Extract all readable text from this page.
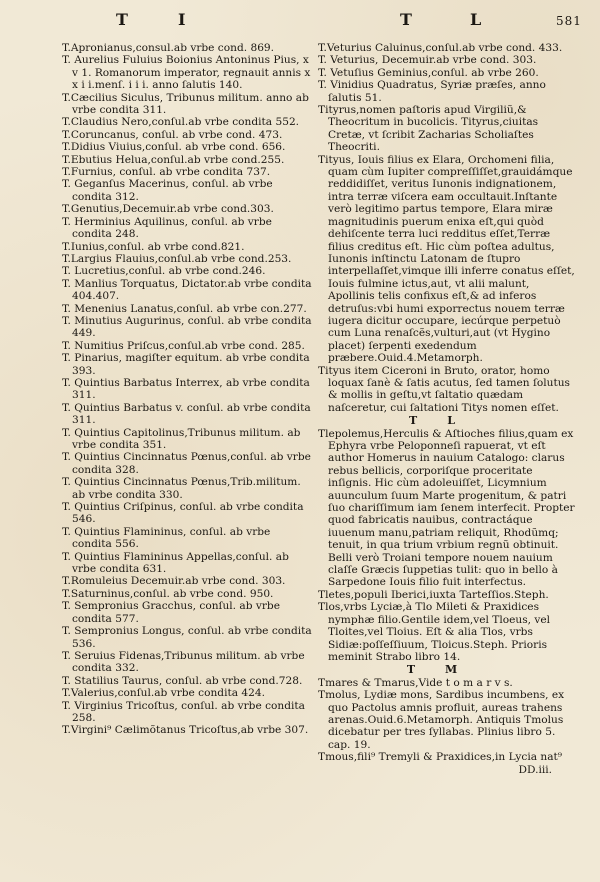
T	I	T	L	581

T.Apronianus,consul.ab vrbe cond. 869.

T. Aurelius Fuluius Boionius Antoninus Pius, x v 1. Romanorum imperator, regnauit annis x x i i.menſ. i i i. anno ſalutis 140.

T.Cæcilius Siculus, Tribunus militum. anno ab vrbe condita 311.

T.Claudius Nero,conſul.ab vrbe condita 552.

T.Coruncanus, conſul. ab vrbe cond. 473.

T.Didius Viuius,conſul. ab vrbe cond. 656.

T.Ebutius Helua,conſul.ab vrbe cond.255.

T.Furnius, conſul. ab vrbe condita 737.

T. Geganſus Macerinus, conſul. ab vrbe condita 312.

T.Genutius,Decemuir.ab vrbe cond.303.

T. Herminius Aquilinus, conſul. ab vrbe condita 248.

T.Iunius,conſul. ab vrbe cond.821.

T.Largius Flauius,conſul.ab vrbe cond.253.

T. Lucretius,conſul. ab vrbe cond.246.

T. Manlius Torquatus, Dictator.ab vrbe condita 404.407.

T. Menenius Lanatus,conſul. ab vrbe con.277.

T. Minutius Augurinus, conſul. ab vrbe condita 449.

T. Numitius Priſcus,conſul.ab vrbe cond. 285.

T. Pinarius, magiſter equitum. ab vrbe condita 393.

T. Quintius Barbatus Interrex, ab vrbe condita 311.

T. Quintius Barbatus v. conſul. ab vrbe condita 311.

T. Quintius Capitolinus,Tribunus militum. ab vrbe condita 351.

T. Quintius Cincinnatus Pœnus,conſul. ab vrbe condita 328.

T. Quintius Cincinnatus Pœnus,Trib.militum. ab vrbe condita 330.

T. Quintius Criſpinus, conſul. ab vrbe condita 546.

T. Quintius Flamininus, conſul. ab vrbe condita 556.

T. Quintius Flamininus Appellas,conſul. ab vrbe condita 631.

T.Romuleius Decemuir.ab vrbe cond. 303.

T.Saturninus,conſul. ab vrbe cond. 950.

T. Sempronius Gracchus, conſul. ab vrbe condita 577.

T. Sempronius Longus, conſul. ab vrbe condita 536.

T. Seruius Fidenas,Tribunus militum. ab vrbe condita 332.

T. Statilius Taurus, conſul. ab vrbe cond.728.

T.Valerius,conſul.ab vrbe condita 424.

T. Virginius Tricoſtus, conſul. ab vrbe condita 258.

T.Virgini⁹ Cælimõtanus Tricoſtus,ab vrbe 307.

T.Veturius Caluinus,conſul.ab vrbe cond. 433.

T. Veturius, Decemuir.ab vrbe cond. 303.

T. Vetuſius Geminius,conſul. ab vrbe 260.

T. Vinidius Quadratus, Syriæ præſes, anno ſalutis 51.

Tityrus,nomen paſtoris apud Virgiliũ,& Theocritum in bucolicis. Tityrus,ciuitas Cretæ, vt ſcribit Zacharias Scholiaſtes Theocriti.

Tityus, Iouis filius ex Elara, Orchomeni filia, quam cùm Iupiter compreſſiſſet,grauidámque reddidiſſet, veritus Iunonis indignationem, intra terræ viſcera eam occultauit.Inſtante verò legitimo partus tempore, Elara miræ magnitudinis puerum enixa eſt,qui quòd dehiſcente terra luci redditus eſſet,Terræ filius creditus eſt. Hic cùm poſtea adultus, Iunonis inſtinctu Latonam de ſtupro interpellaſſet,vimque illi inferre conatus eſſet, Iouis fulmine ictus,aut, vt alii malunt, Apollinis telis confixus eſt,& ad inferos detruſus:vbi humi exporrectus nouem terræ iugera dicitur occupare, iecúrque perpetuò cum Luna renaſcẽs,vulturi,aut (vt Hygino placet) ſerpenti exedendum præbere.Ouid.4.Metamorph.

Tityus item Ciceroni in Bruto, orator, homo loquax ſanè & ſatis acutus, ſed tamen ſolutus & mollis in geſtu,vt ſaltatio quædam naſceretur, cui ſaltationi Titys nomen eſſet.

TL

Tlepolemus,Herculis & Aſtioches filius,quam ex Ephyra vrbe Peloponneſi rapuerat, vt eſt author Homerus in nauium Catalogo: clarus rebus bellicis, corporiſque proceritate inſignis. Hic cùm adoleuiſſet, Licymnium auunculum ſuum Marte progenitum, & patri ſuo chariſſimum iam ſenem interfecit. Propter quod fabricatis nauibus, contractáque iuuenum manu,patriam reliquit, Rhodũmq; tenuit, in qua trium vrbium regnũ obtinuit. Belli verò Troiani tempore nouem nauium claſſe Græcis ſuppetias tulit: quo in bello à Sarpedone Iouis filio fuit interfectus.

Tletes,populi Iberici,iuxta Tarteſſios.Steph.

Tlos,vrbs Lyciæ,à Tlo Mileti & Praxidices nymphæ filio.Gentile idem,vel Tloeus, vel Tloites,vel Tloius. Eſt & alia Tlos, vrbs Sidiæ:poſſeſſiuum, Tloicus.Steph. Prioris meminit Strabo libro 14.

TM

Tmares & Tmarus,Vide t o m a r v s.

Tmolus, Lydiæ mons, Sardibus incumbens, ex quo Pactolus amnis profluit, aureas trahens arenas.Ouid.6.Metamorph. Antiquis Tmolus dicebatur per tres ſyllabas. Plinius libro 5. cap. 19.

Tmous,fili⁹ Tremyli & Praxidices,in Lycia nat⁹

DD.iii.
